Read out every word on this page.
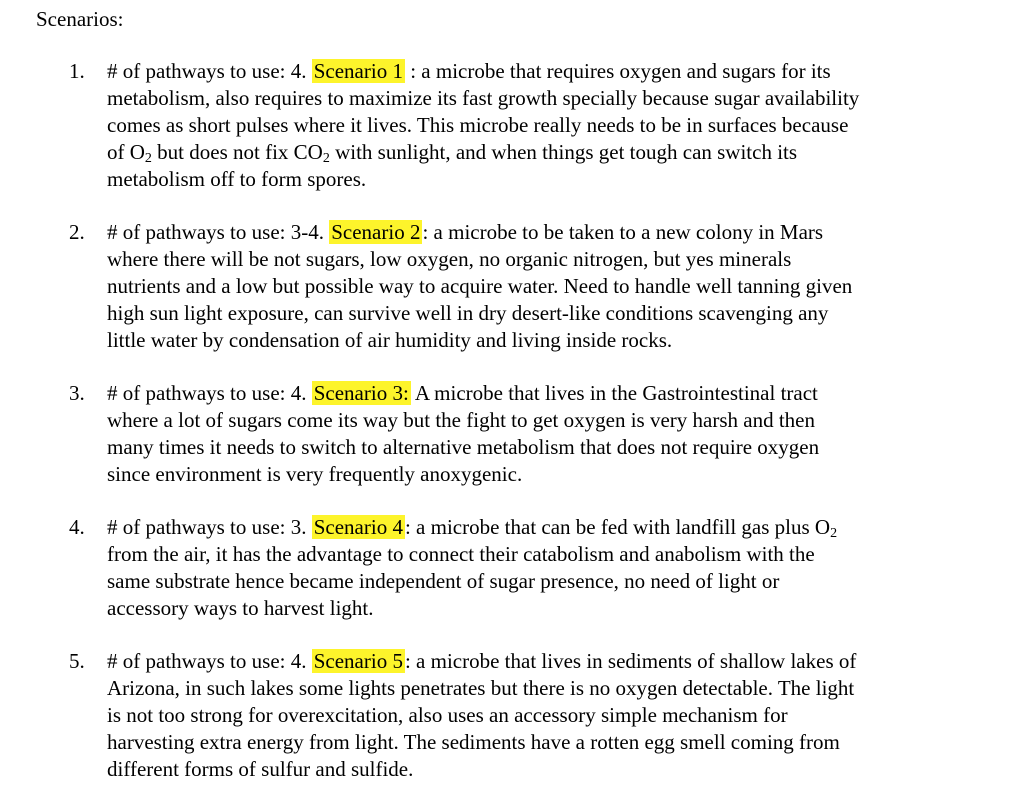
Scenarios:
1. # of pathways to use: 4. Scenario 1 : a microbe that requires oxygen and sugars for its
metabolism, also requires to maximize its fast growth specially because sugar availability
comes as short pulses where it lives. This microbe really needs to be in surfaces because
of $O_2$ but does not fix $CO_2$ with sunlight, and when things get tough can switch its
metabolism off to form spores.
2. # of pathways to use: 3-4. Scenario 2: a microbe to be taken to a new colony in Mars
where there will be not sugars, low oxygen, no organic nitrogen, but yes minerals
nutrients and a low but possible way to acquire water. Need to handle well tanning given
high sun light exposure, can survive well in dry desert-like conditions scavenging any
little water by condensation of air humidity and living inside rocks.
3. # of pathways to use: 4. Scenario 3: A microbe that lives in the Gastrointestinal tract
where a lot of sugars come its way but the fight to get oxygen is very harsh and then
many times it needs to switch to alternative metabolism that does not require oxygen
since environment is very frequently anoxygenic.
4. # of pathways to use: 3. Scenario 4: a microbe that can be fed with landfill gas plus $O_2$
from the air, it has the advantage to connect their catabolism and anabolism with the
same substrate hence became independent of sugar presence, no need of light or
accessory ways to harvest light.
5. # of pathways to use: 4. Scenario 5: a microbe that lives in sediments of shallow lakes of
Arizona, in such lakes some lights penetrates but there is no oxygen detectable. The light
is not too strong for overexcitation, also uses an accessory simple mechanism for
harvesting extra energy from light. The sediments have a rotten egg smell coming from
different forms of sulfur and sulfide.
